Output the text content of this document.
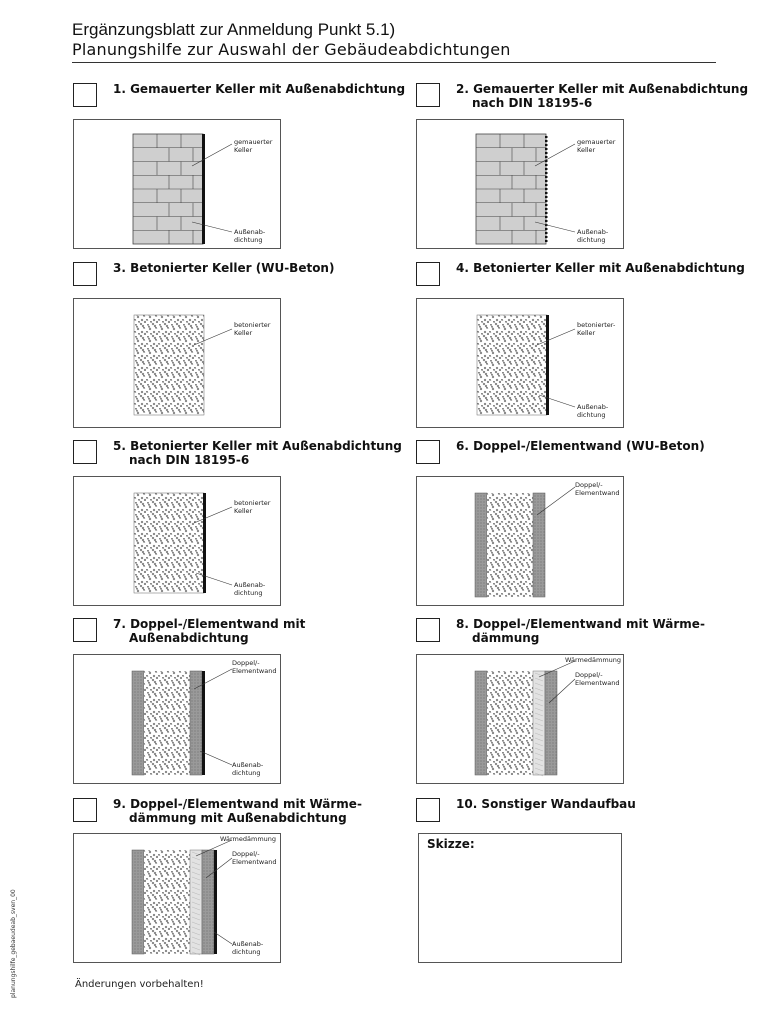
Ergänzungsblatt zur Anmeldung Punkt 5.1)
Planungshilfe zur Auswahl der Gebäudeabdichtungen
1. Gemauerter Keller mit Außenabdichtung
gemauerter
Keller
Außenab-
dichtung
2. Gemauerter Keller mit Außenabdichtung
nach DIN 18195-6
gemauerter
Keller
Außenab-
dichtung
3. Betonierter Keller (WU-Beton)
betonierter
Keller
4. Betonierter Keller mit Außenabdichtung
betonierter-
Keller
Außenab-
dichtung
5. Betonierter Keller mit Außenabdichtung
nach DIN 18195-6
betonierter
Keller
Außenab-
dichtung
6. Doppel-/Elementwand (WU-Beton)
Doppel/-
Elementwand
7. Doppel-/Elementwand mit
Außenabdichtung
Doppel/-
Elementwand
Außenab-
dichtung
8. Doppel-/Elementwand mit Wärme-
dämmung
Wärmedämmung
Doppel/-
Elementwand
9. Doppel-/Elementwand mit Wärme-
dämmung mit Außenabdichtung
Wärmedämmung
Doppel/-
Elementwand
Außenab-
dichtung
10. Sonstiger Wandaufbau
Skizze:
Änderungen vorbehalten!
planungshilfe_gebaeudeab_sven_00
